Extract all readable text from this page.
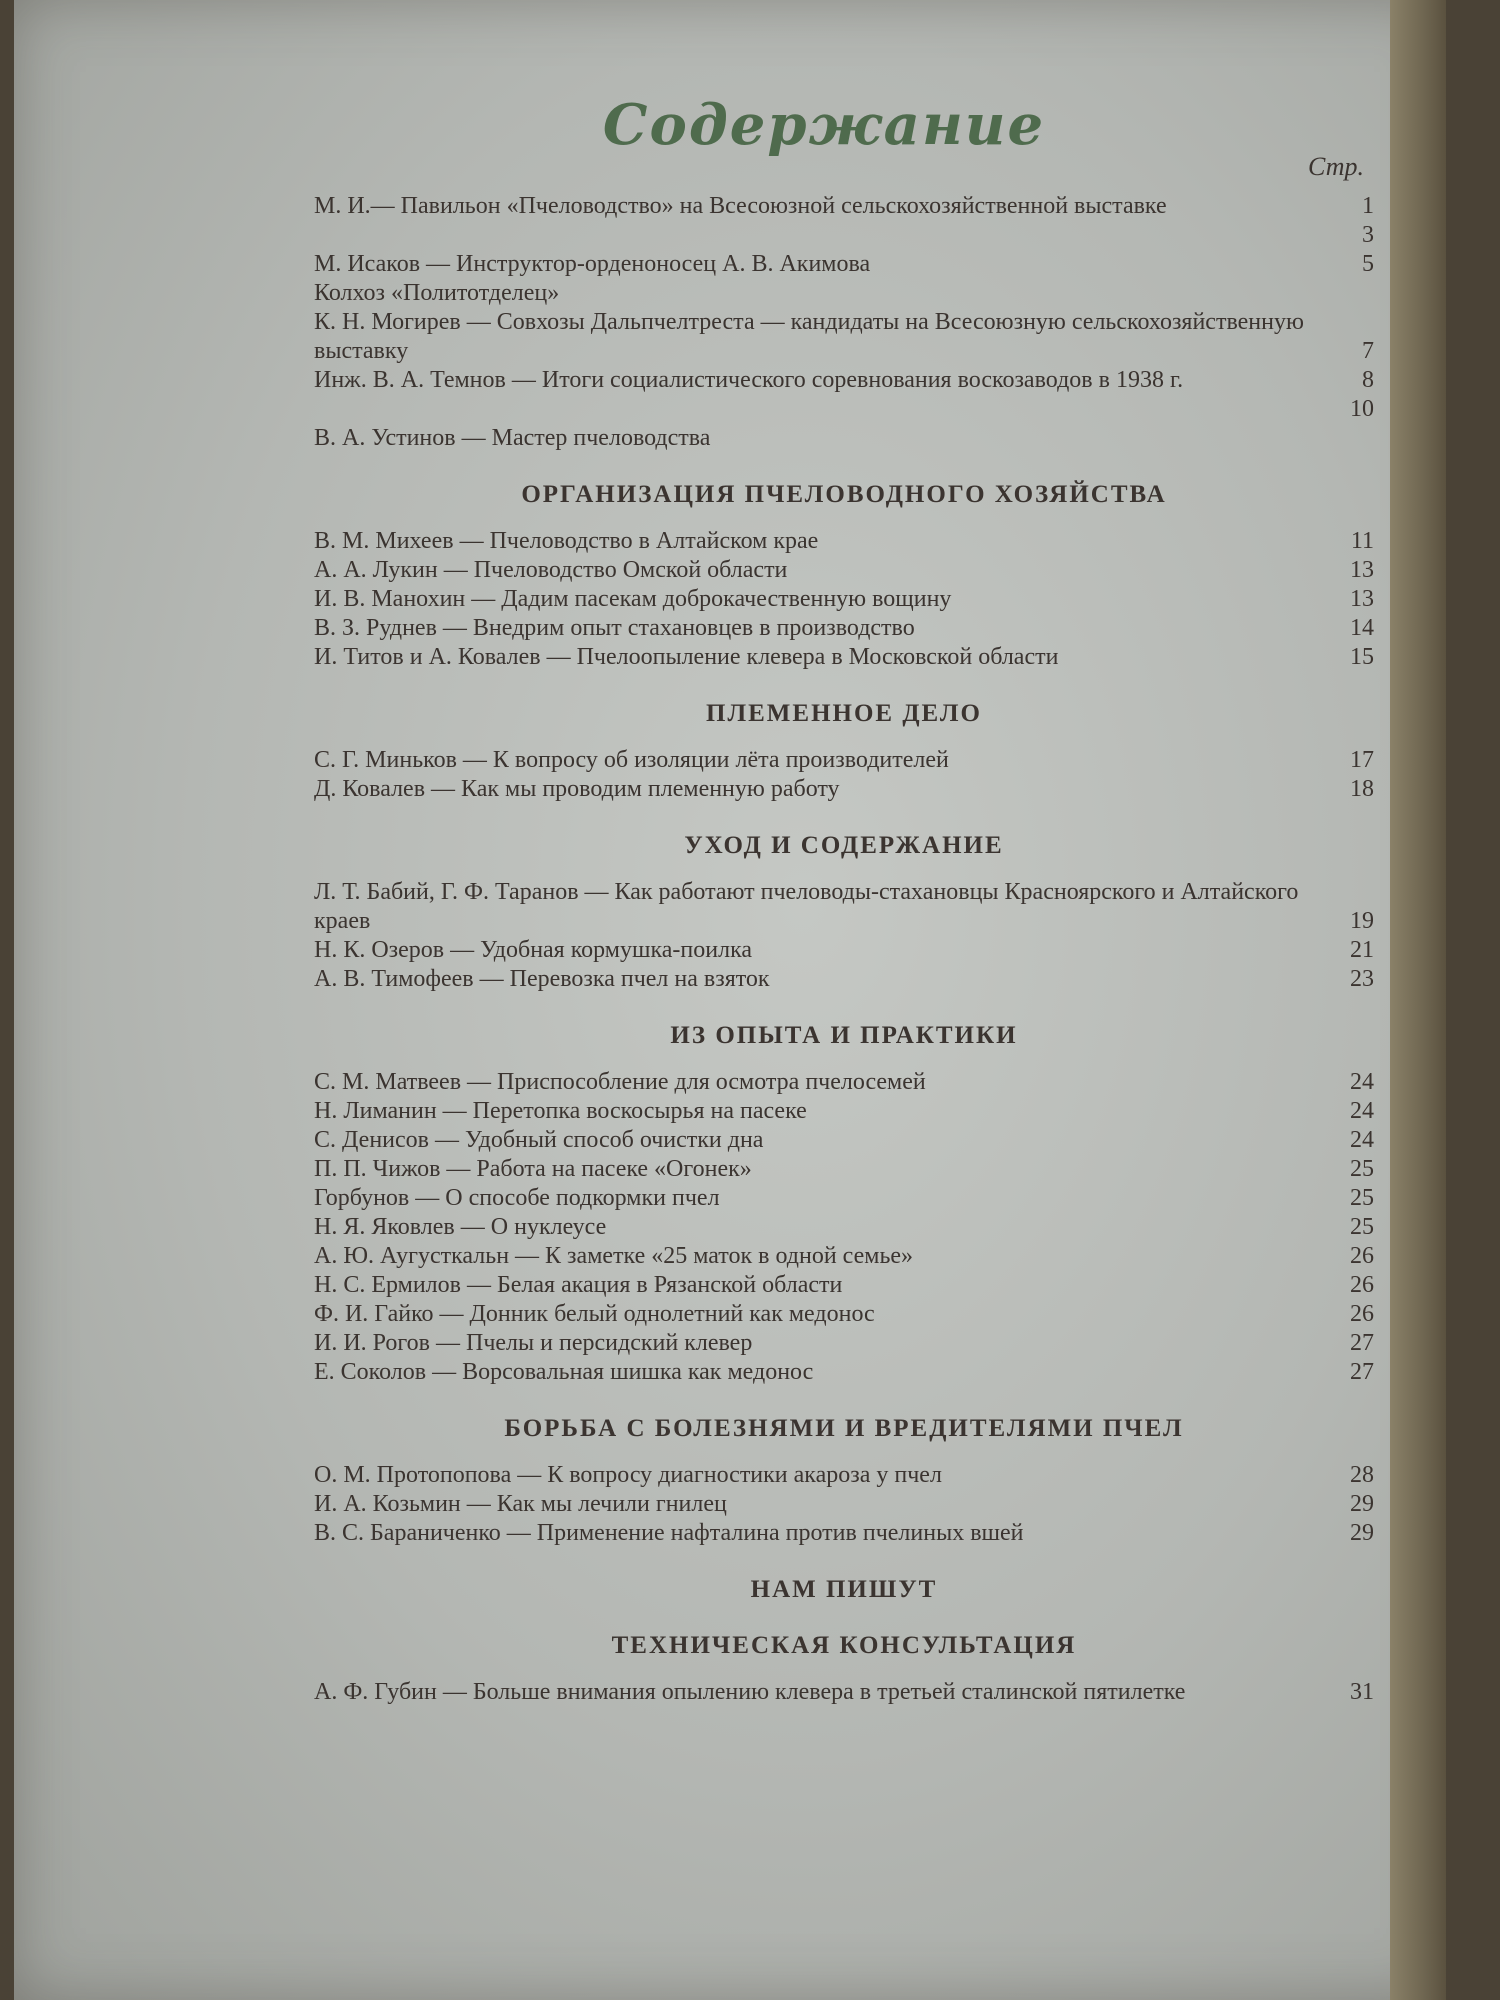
Содержание
Стр.
М. И.— Павильон «Пчеловодство» на Всесоюзной сельскохозяйственной выставке	1
3
М. Исаков — Инструктор-орденоносец А. В. Акимова	5
Колхоз «Политотделец»
К. Н. Могирев — Совхозы Дальпчелтреста — кандидаты на Всесоюзную сельскохозяйственную выставку	7
Инж. В. А. Темнов — Итоги социалистического соревнования воскозаводов в 1938 г.	8
10
В. А. Устинов — Мастер пчеловодства
ОРГАНИЗАЦИЯ ПЧЕЛОВОДНОГО ХОЗЯЙСТВА
В. М. Михеев — Пчеловодство в Алтайском крае	11
А. А. Лукин — Пчеловодство Омской области	13
И. В. Манохин — Дадим пасекам доброкачественную вощину	13
В. З. Руднев — Внедрим опыт стахановцев в производство	14
И. Титов и А. Ковалев — Пчелоопыление клевера в Московской области	15
ПЛЕМЕННОЕ ДЕЛО
С. Г. Миньков — К вопросу об изоляции лёта производителей	17
Д. Ковалев — Как мы проводим племенную работу	18
УХОД И СОДЕРЖАНИЕ
Л. Т. Бабий, Г. Ф. Таранов — Как работают пчеловоды-стахановцы Красноярского и Алтайского краев	19
Н. К. Озеров — Удобная кормушка-поилка	21
А. В. Тимофеев — Перевозка пчел на взяток	23
ИЗ ОПЫТА И ПРАКТИКИ
С. М. Матвеев — Приспособление для осмотра пчелосемей	24
Н. Лиманин — Перетопка воскосырья на пасеке	24
С. Денисов — Удобный способ очистки дна	24
П. П. Чижов — Работа на пасеке «Огонек»	25
Горбунов — О способе подкормки пчел	25
Н. Я. Яковлев — О нуклеусе	25
А. Ю. Аугусткальн — К заметке «25 маток в одной семье»	26
Н. С. Ермилов — Белая акация в Рязанской области	26
Ф. И. Гайко — Донник белый однолетний как медонос	26
И. И. Рогов — Пчелы и персидский клевер	27
Е. Соколов — Ворсовальная шишка как медонос	27
БОРЬБА С БОЛЕЗНЯМИ И ВРЕДИТЕЛЯМИ ПЧЕЛ
О. М. Протопопова — К вопросу диагностики акароза у пчел	28
И. А. Козьмин — Как мы лечили гнилец	29
В. С. Бараниченко — Применение нафталина против пчелиных вшей	29
НАМ ПИШУТ
ТЕХНИЧЕСКАЯ КОНСУЛЬТАЦИЯ
А. Ф. Губин — Больше внимания опылению клевера в третьей сталинской пятилетке	31
